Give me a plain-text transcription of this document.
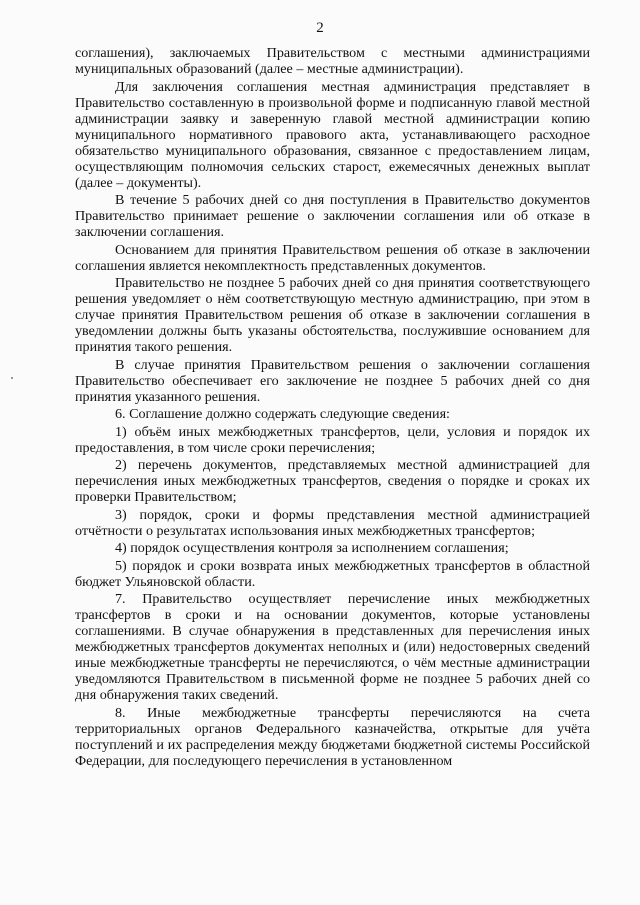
2

соглашения), заключаемых Правительством с местными администрациями муниципальных образований (далее – местные администрации).

Для заключения соглашения местная администрация представляет в Правительство составленную в произвольной форме и подписанную главой местной администрации заявку и заверенную главой местной администрации копию муниципального нормативного правового акта, устанавливающего расходное обязательство муниципального образования, связанное с предоставлением лицам, осуществляющим полномочия сельских старост, ежемесячных денежных выплат (далее – документы).

В течение 5 рабочих дней со дня поступления в Правительство документов Правительство принимает решение о заключении соглашения или об отказе в заключении соглашения.

Основанием для принятия Правительством решения об отказе в заключении соглашения является некомплектность представленных документов.

Правительство не позднее 5 рабочих дней со дня принятия соответствующего решения уведомляет о нём соответствующую местную администрацию, при этом в случае принятия Правительством решения об отказе в заключении соглашения в уведомлении должны быть указаны обстоятельства, послужившие основанием для принятия такого решения.

В случае принятия Правительством решения о заключении соглашения Правительство обеспечивает его заключение не позднее 5 рабочих дней со дня принятия указанного решения.

6. Соглашение должно содержать следующие сведения:

1) объём иных межбюджетных трансфертов, цели, условия и порядок их предоставления, в том числе сроки перечисления;

2) перечень документов, представляемых местной администрацией для перечисления иных межбюджетных трансфертов, сведения о порядке и сроках их проверки Правительством;

3) порядок, сроки и формы представления местной администрацией отчётности о результатах использования иных межбюджетных трансфертов;

4) порядок осуществления контроля за исполнением соглашения;

5) порядок и сроки возврата иных межбюджетных трансфертов в областной бюджет Ульяновской области.

7. Правительство осуществляет перечисление иных межбюджетных трансфертов в сроки и на основании документов, которые установлены соглашениями. В случае обнаружения в представленных для перечисления иных межбюджетных трансфертов документах неполных и (или) недостоверных сведений иные межбюджетные трансферты не перечисляются, о чём местные администрации уведомляются Правительством в письменной форме не позднее 5 рабочих дней со дня обнаружения таких сведений.

8. Иные межбюджетные трансферты перечисляются на счета территориальных органов Федерального казначейства, открытые для учёта поступлений и их распределения между бюджетами бюджетной системы Российской Федерации, для последующего перечисления в установленном
